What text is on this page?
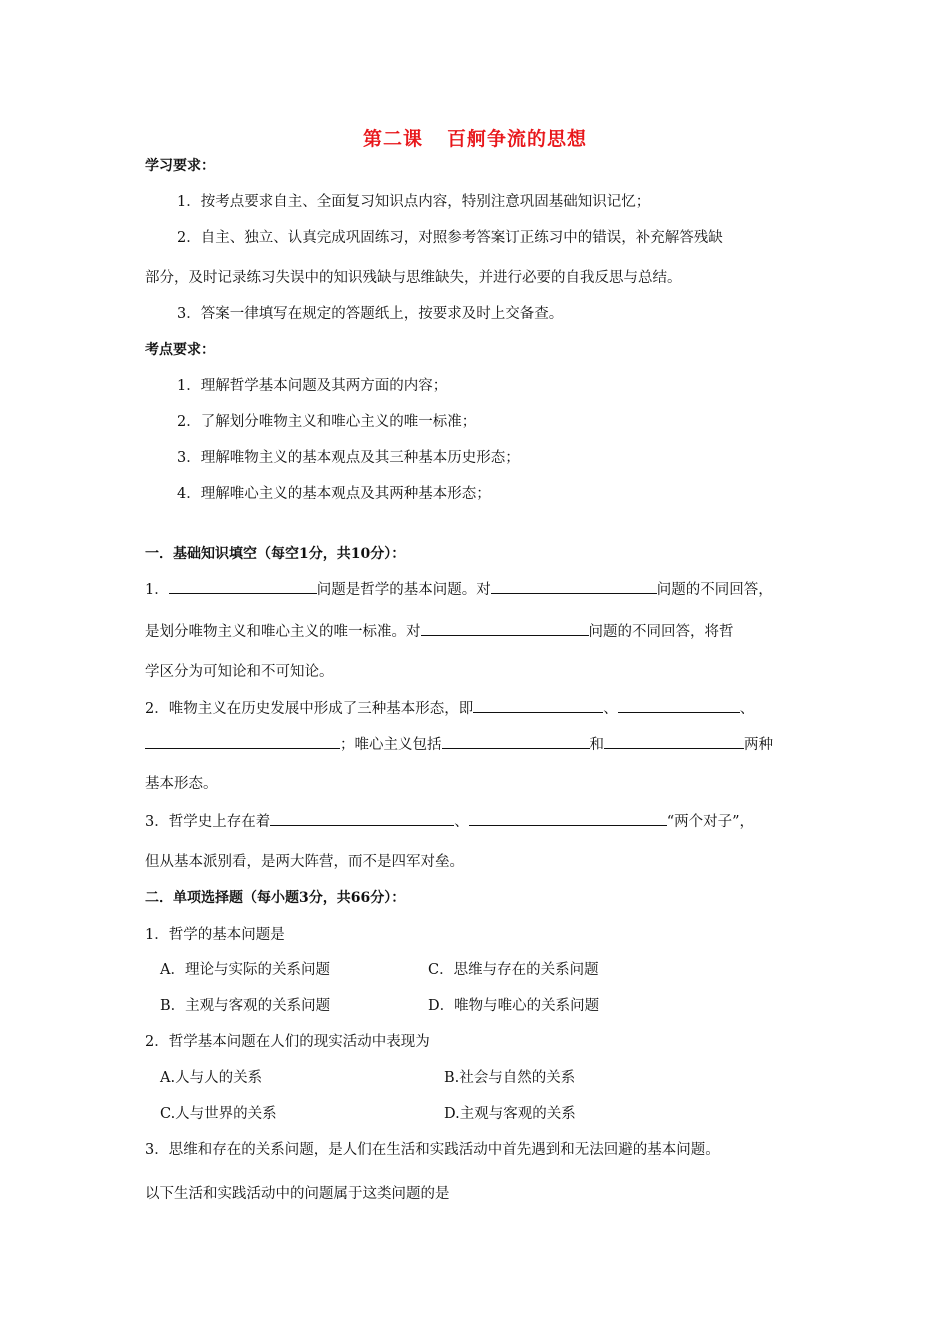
第二课 百舸争流的思想
学习要求：
1．按考点要求自主、全面复习知识点内容，特别注意巩固基础知识记忆；
2．自主、独立、认真完成巩固练习，对照参考答案订正练习中的错误，补充解答残缺
部分，及时记录练习失误中的知识残缺与思维缺失，并进行必要的自我反思与总结。
3．答案一律填写在规定的答题纸上，按要求及时上交备查。
考点要求：
1．理解哲学基本问题及其两方面的内容；
2．了解划分唯物主义和唯心主义的唯一标准；
3．理解唯物主义的基本观点及其三种基本历史形态；
4．理解唯心主义的基本观点及其两种基本形态；
一．基础知识填空（每空1分，共10分）：
1．	问题是哲学的基本问题。对	问题的不同回答，
是划分唯物主义和唯心主义的唯一标准。对	问题的不同回答，将哲
学区分为可知论和不可知论。
2．唯物主义在历史发展中形成了三种基本形态，即	、	、
；唯心主义包括	和	两种
基本形态。
3．哲学史上存在着	、	“两个对子”，
但从基本派别看，是两大阵营，而不是四军对垒。
二．单项选择题（每小题3分，共66分）：
1．哲学的基本问题是
A．理论与实际的关系问题	C．思维与存在的关系问题
B．主观与客观的关系问题	D．唯物与唯心的关系问题
2．哲学基本问题在人们的现实活动中表现为
A.人与人的关系	B.社会与自然的关系
C.人与世界的关系	D.主观与客观的关系
3．思维和存在的关系问题，是人们在生活和实践活动中首先遇到和无法回避的基本问题。
以下生活和实践活动中的问题属于这类问题的是
